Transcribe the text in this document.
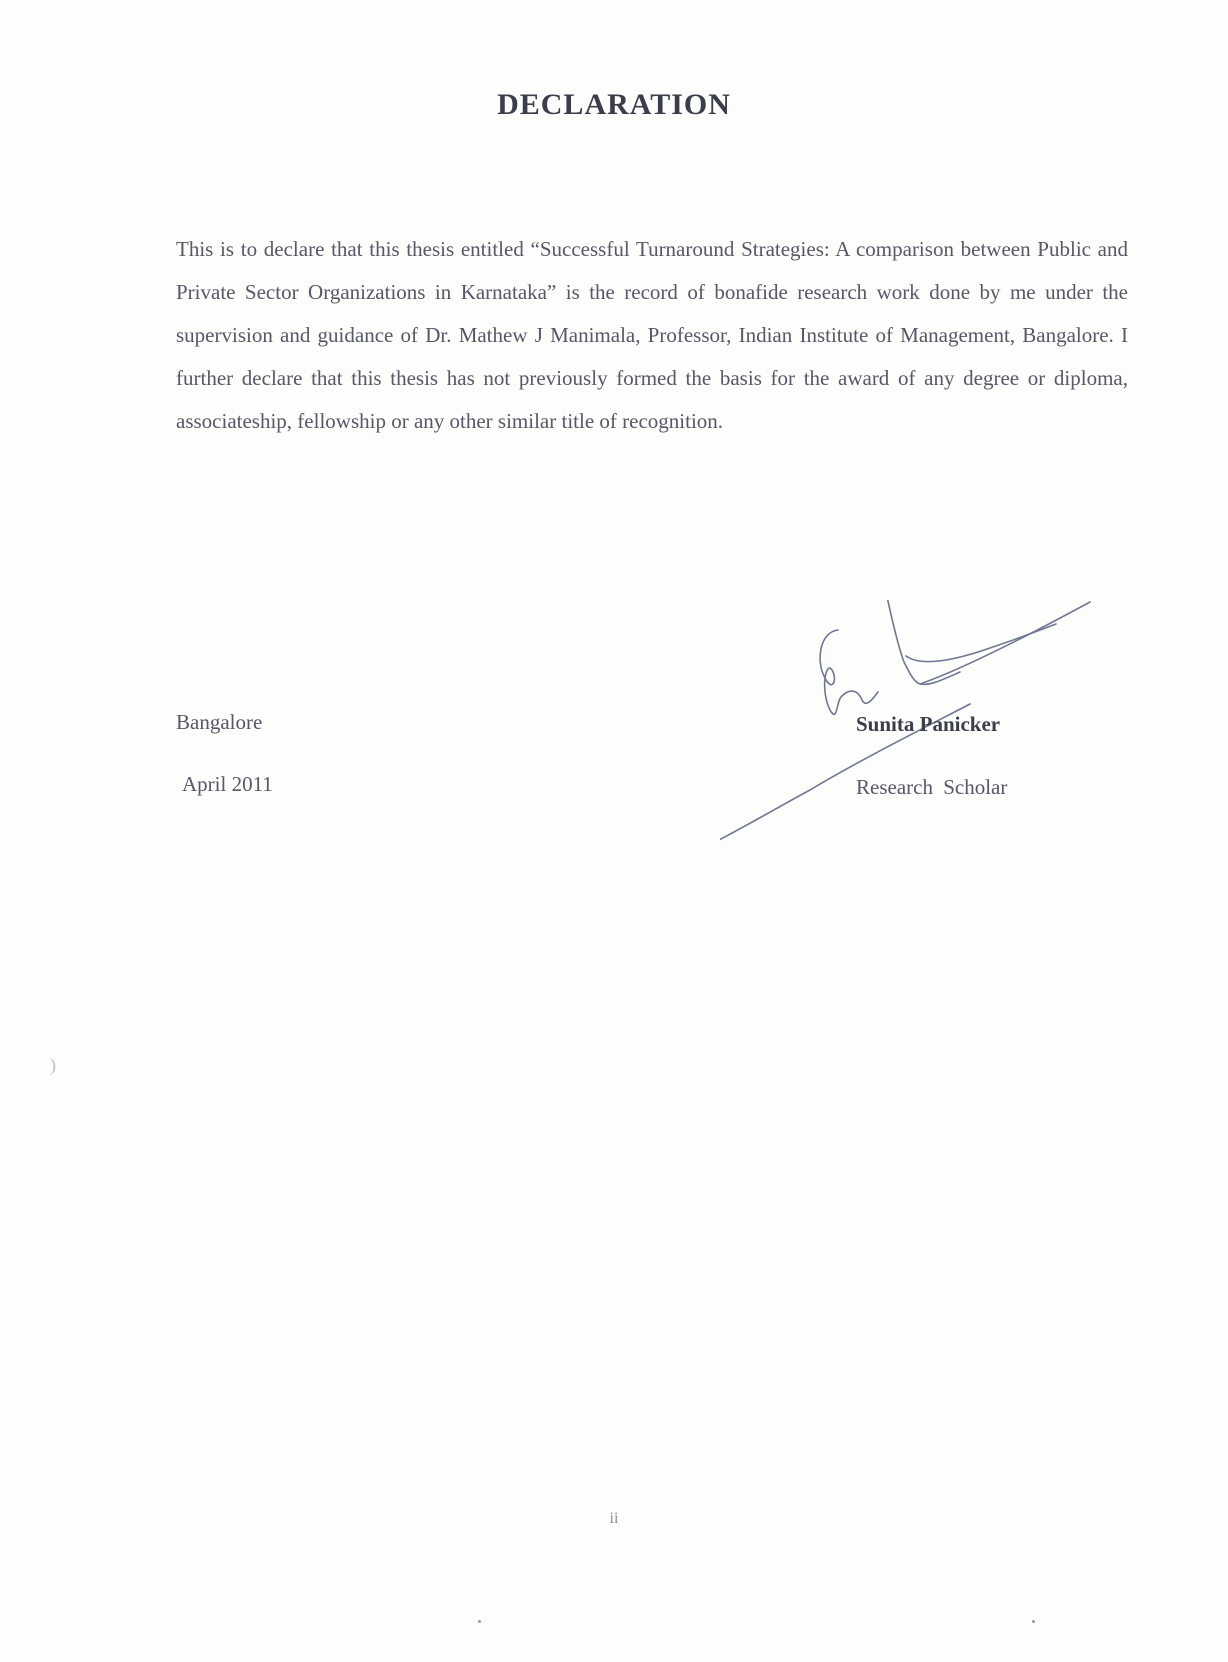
DECLARATION
This is to declare that this thesis entitled “Successful Turnaround Strategies: A comparison between Public and Private Sector Organizations in Karnataka” is the record of bonafide research work done by me under the supervision and guidance of Dr. Mathew J Manimala, Professor, Indian Institute of Management, Bangalore. I further declare that this thesis has not previously formed the basis for the award of any degree or diploma, associateship, fellowship or any other similar title of recognition.
Bangalore
April 2011
Sunita Panicker
Research Scholar
)
ii
